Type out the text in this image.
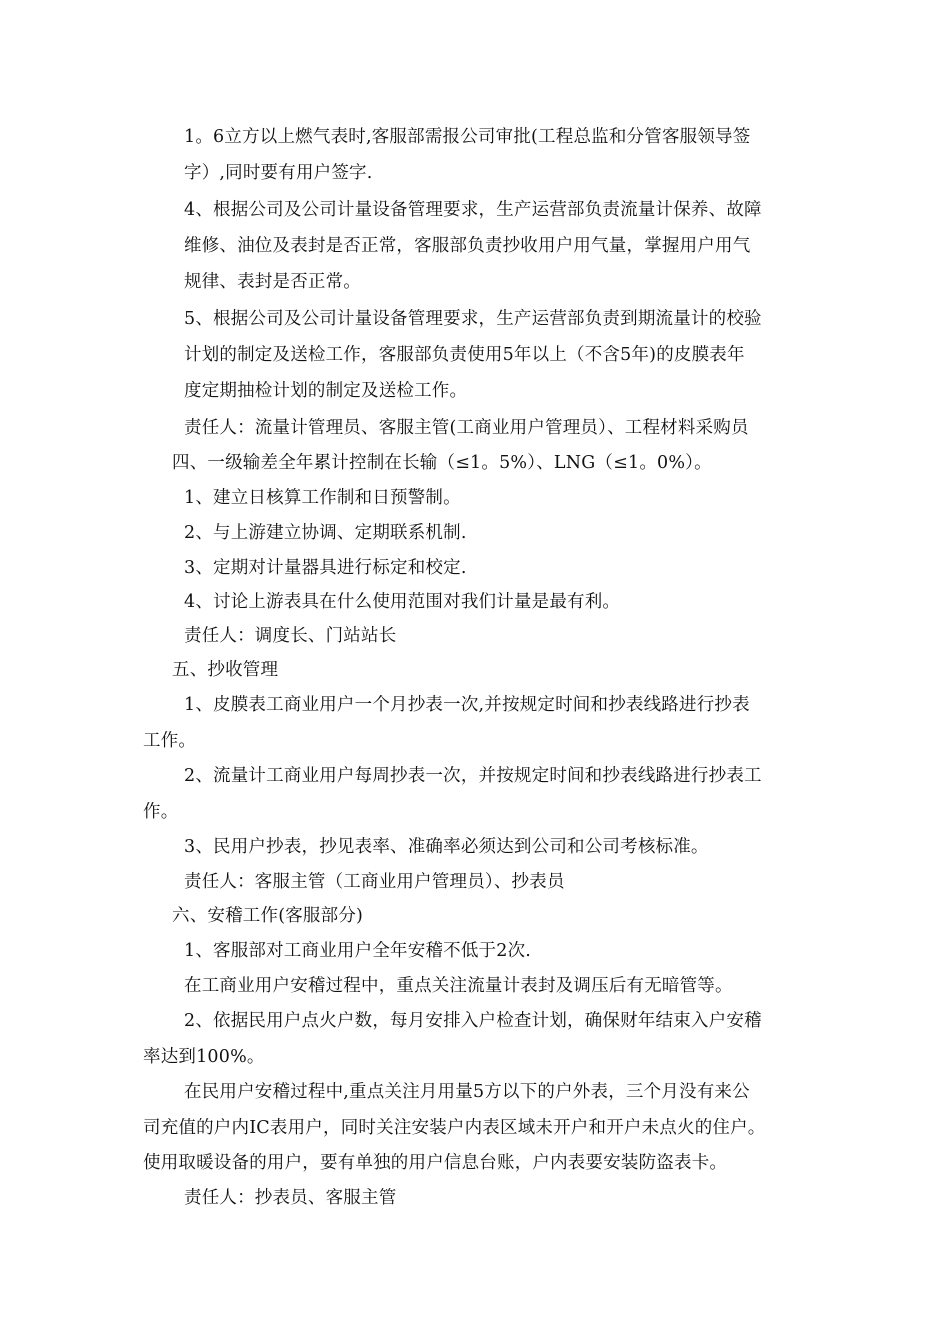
1。6立方以上燃气表时,客服部需报公司审批(工程总监和分管客服领导签
字）,同时要有用户签字.
4、根据公司及公司计量设备管理要求，生产运营部负责流量计保养、故障
维修、油位及表封是否正常，客服部负责抄收用户用气量，掌握用户用气
规律、表封是否正常。
5、根据公司及公司计量设备管理要求，生产运营部负责到期流量计的校验
计划的制定及送检工作，客服部负责使用5年以上（不含5年)的皮膜表年
度定期抽检计划的制定及送检工作。
责任人：流量计管理员、客服主管(工商业用户管理员）、工程材料采购员
四、一级输差全年累计控制在长输（≤1。5%）、LNG（≤1。0%）。
1、建立日核算工作制和日预警制。
2、与上游建立协调、定期联系机制.
3、定期对计量器具进行标定和校定.
4、讨论上游表具在什么使用范围对我们计量是最有利。
责任人：调度长、门站站长
五、抄收管理
1、皮膜表工商业用户一个月抄表一次,并按规定时间和抄表线路进行抄表
工作。
2、流量计工商业用户每周抄表一次，并按规定时间和抄表线路进行抄表工
作。
3、民用户抄表，抄见表率、准确率必须达到公司和公司考核标准。
责任人：客服主管（工商业用户管理员）、抄表员
六、安稽工作(客服部分)
1、客服部对工商业用户全年安稽不低于2次.
在工商业用户安稽过程中，重点关注流量计表封及调压后有无暗管等。
2、依据民用户点火户数，每月安排入户检查计划，确保财年结束入户安稽
率达到100%。
在民用户安稽过程中,重点关注月用量5方以下的户外表，三个月没有来公
司充值的户内IC表用户，同时关注安装户内表区域未开户和开户未点火的住户。
使用取暖设备的用户，要有单独的用户信息台账，户内表要安装防盗表卡。
责任人：抄表员、客服主管
